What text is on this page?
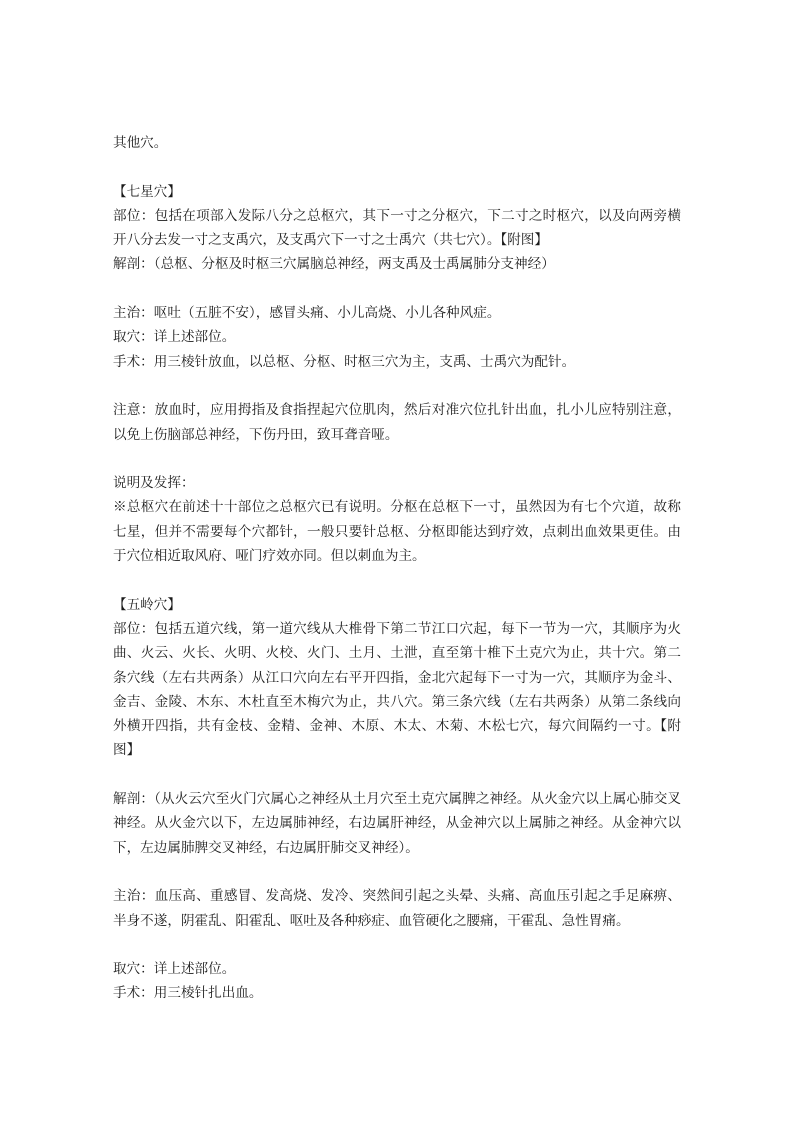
其他穴。

【七星穴】

部位：包括在项部入发际八分之总枢穴，其下一寸之分枢穴，下二寸之时枢穴，以及向两旁横开八分去发一寸之支禹穴，及支禹穴下一寸之士禹穴（共七穴）。【附图】

解剖：（总枢、分枢及时枢三穴属脑总神经，两支禹及士禹属肺分支神经）

主治：呕吐（五脏不安），感冒头痛、小儿高烧、小儿各种风症。

取穴：详上述部位。

手术：用三棱针放血，以总枢、分枢、时枢三穴为主，支禹、士禹穴为配针。

注意：放血时，应用拇指及食指捏起穴位肌肉，然后对准穴位扎针出血，扎小儿应特别注意，以免上伤脑部总神经，下伤丹田，致耳聋音哑。

说明及发挥：

※总枢穴在前述十十部位之总枢穴已有说明。分枢在总枢下一寸，虽然因为有七个穴道，故称七星，但并不需要每个穴都针，一般只要针总枢、分枢即能达到疗效，点刺出血效果更佳。由于穴位相近取风府、哑门疗效亦同。但以刺血为主。

【五岭穴】

部位：包括五道穴线，第一道穴线从大椎骨下第二节江口穴起，每下一节为一穴，其顺序为火曲、火云、火长、火明、火校、火门、土月、土泄，直至第十椎下土克穴为止，共十穴。第二条穴线（左右共两条）从江口穴向左右平开四指，金北穴起每下一寸为一穴，其顺序为金斗、金吉、金陵、木东、木杜直至木梅穴为止，共八穴。第三条穴线（左右共两条）从第二条线向外横开四指，共有金枝、金精、金神、木原、木太、木菊、木松七穴，每穴间隔约一寸。【附图】

解剖：（从火云穴至火门穴属心之神经从土月穴至土克穴属脾之神经。从火金穴以上属心肺交叉神经。从火金穴以下，左边属肺神经，右边属肝神经，从金神穴以上属肺之神经。从金神穴以下，左边属肺脾交叉神经，右边属肝肺交叉神经）。

主治：血压高、重感冒、发高烧、发冷、突然间引起之头晕、头痛、高血压引起之手足麻痹、半身不遂，阴霍乱、阳霍乱、呕吐及各种痧症、血管硬化之腰痛，干霍乱、急性胃痛。

取穴：详上述部位。

手术：用三棱针扎出血。
